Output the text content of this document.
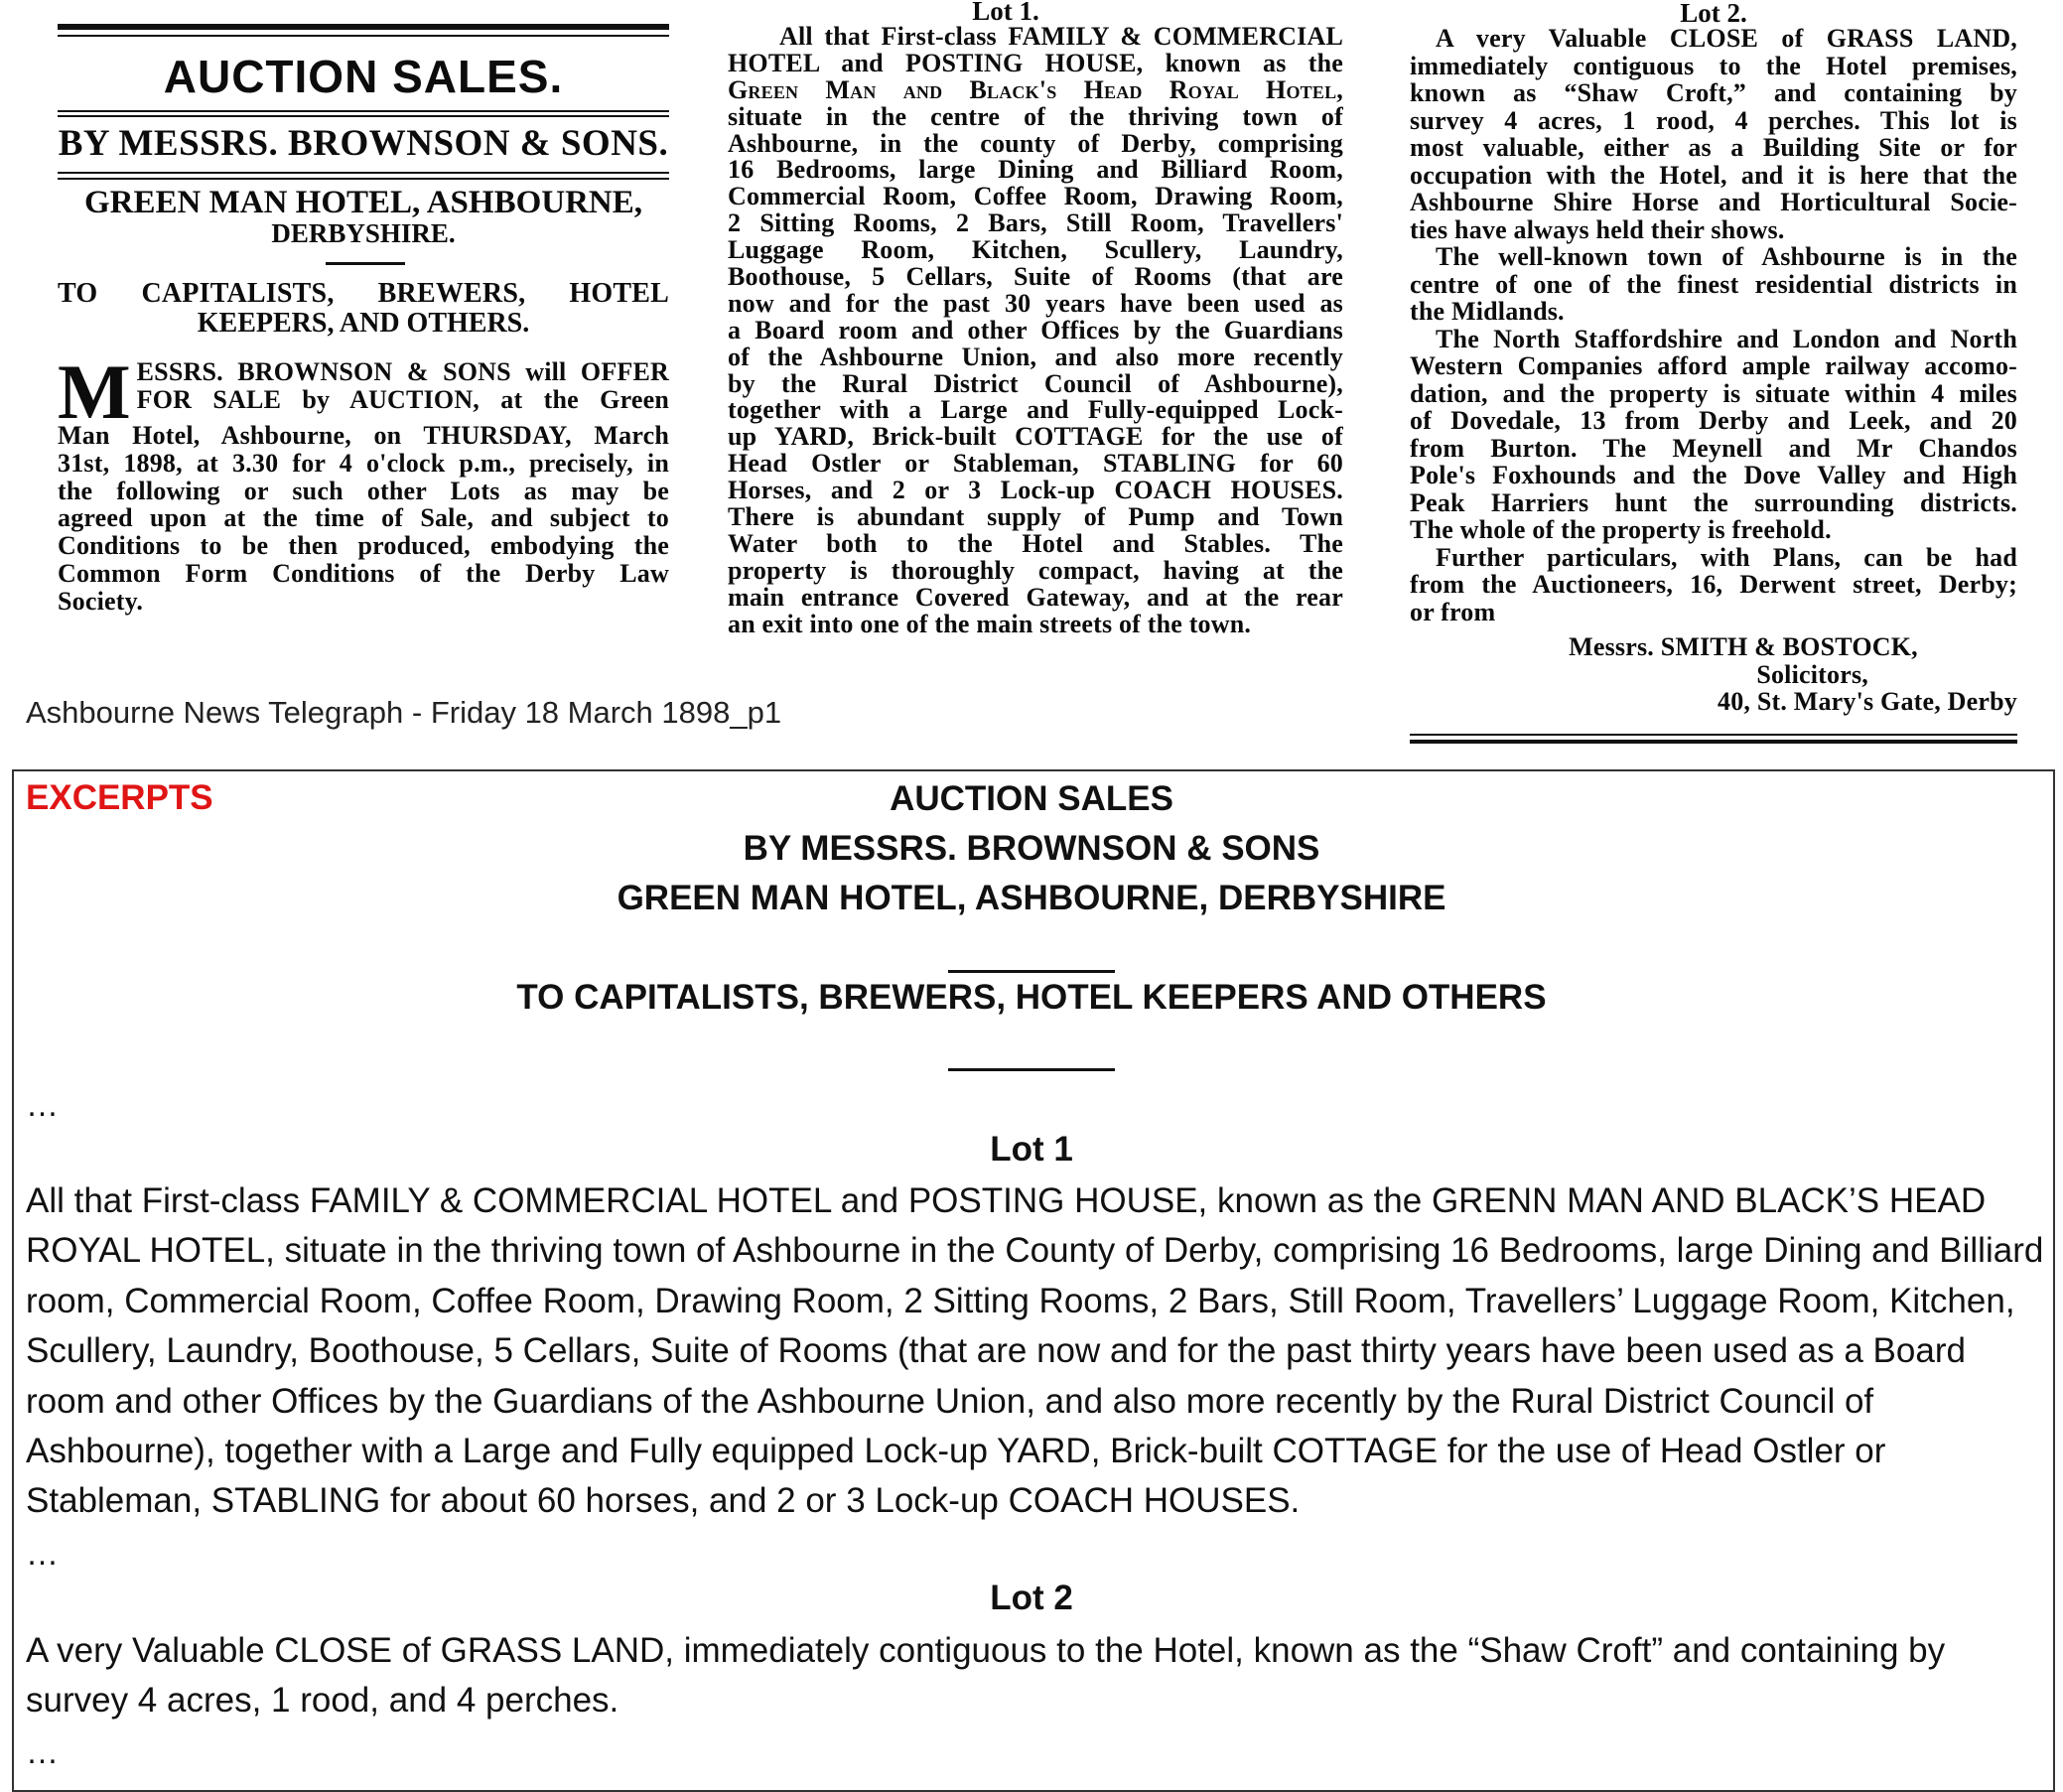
AUCTION SALES.
BY MESSRS. BROWNSON & SONS.
GREEN MAN HOTEL, ASHBOURNE,
DERBYSHIRE.
TO CAPITALISTS, BREWERS, HOTEL
KEEPERS, AND OTHERS.
M ESSRS. BROWNSON & SONS will OFFER
FOR SALE by AUCTION, at the Green
Man Hotel, Ashbourne, on THURSDAY, March
31st, 1898, at 3.30 for 4 o'clock p.m., precisely, in
the following or such other Lots as may be
agreed upon at the time of Sale, and subject to
Conditions to be then produced, embodying the
Common Form Conditions of the Derby Law
Society.
Lot 1.
All that First-class FAMILY & COMMERCIAL
HOTEL and POSTING HOUSE, known as the
Green Man and Black's Head Royal Hotel,
situate in the centre of the thriving town of
Ashbourne, in the county of Derby, comprising
16 Bedrooms, large Dining and Billiard Room,
Commercial Room, Coffee Room, Drawing Room,
2 Sitting Rooms, 2 Bars, Still Room, Travellers'
Luggage Room, Kitchen, Scullery, Laundry,
Boothouse, 5 Cellars, Suite of Rooms (that are
now and for the past 30 years have been used as
a Board room and other Offices by the Guardians
of the Ashbourne Union, and also more recently
by the Rural District Council of Ashbourne),
together with a Large and Fully-equipped Lock-
up YARD, Brick-built COTTAGE for the use of
Head Ostler or Stableman, STABLING for 60
Horses, and 2 or 3 Lock-up COACH HOUSES.
There is abundant supply of Pump and Town
Water both to the Hotel and Stables. The
property is thoroughly compact, having at the
main entrance Covered Gateway, and at the rear
an exit into one of the main streets of the town.
Lot 2.
A very Valuable CLOSE of GRASS LAND,
immediately contiguous to the Hotel premises,
known as “Shaw Croft,” and containing by
survey 4 acres, 1 rood, 4 perches. This lot is
most valuable, either as a Building Site or for
occupation with the Hotel, and it is here that the
Ashbourne Shire Horse and Horticultural Socie-
ties have always held their shows.
The well-known town of Ashbourne is in the
centre of one of the finest residential districts in
the Midlands.
The North Staffordshire and London and North
Western Companies afford ample railway accomo-
dation, and the property is situate within 4 miles
of Dovedale, 13 from Derby and Leek, and 20
from Burton. The Meynell and Mr Chandos
Pole's Foxhounds and the Dove Valley and High
Peak Harriers hunt the surrounding districts.
The whole of the property is freehold.
Further particulars, with Plans, can be had
from the Auctioneers, 16, Derwent street, Derby;
or from
Messrs. SMITH & BOSTOCK,
Solicitors,
40, St. Mary's Gate, Derby
Ashbourne News Telegraph - Friday 18 March 1898_p1
EXCERPTS	AUCTION SALES
BY MESSRS. BROWNSON & SONS
GREEN MAN HOTEL, ASHBOURNE, DERBYSHIRE
TO CAPITALISTS, BREWERS, HOTEL KEEPERS AND OTHERS
…
Lot 1

All that First-class FAMILY & COMMERCIAL HOTEL and POSTING HOUSE, known as the GRENN MAN AND BLACK’S HEAD ROYAL HOTEL, situate in the thriving town of Ashbourne in the County of Derby, comprising 16 Bedrooms, large Dining and Billiard room, Commercial Room, Coffee Room, Drawing Room, 2 Sitting Rooms, 2 Bars, Still Room, Travellers’ Luggage Room, Kitchen, Scullery, Laundry, Boothouse, 5 Cellars, Suite of Rooms (that are now and for the past thirty years have been used as a Board room and other Offices by the Guardians of the Ashbourne Union, and also more recently by the Rural District Council of Ashbourne), together with a Large and Fully equipped Lock-up YARD, Brick-built COTTAGE for the use of Head Ostler or Stableman, STABLING for about 60 horses, and 2 or 3 Lock-up COACH HOUSES.

…
Lot 2

A very Valuable CLOSE of GRASS LAND, immediately contiguous to the Hotel, known as the “Shaw Croft” and containing by survey 4 acres, 1 rood, and 4 perches.

…
